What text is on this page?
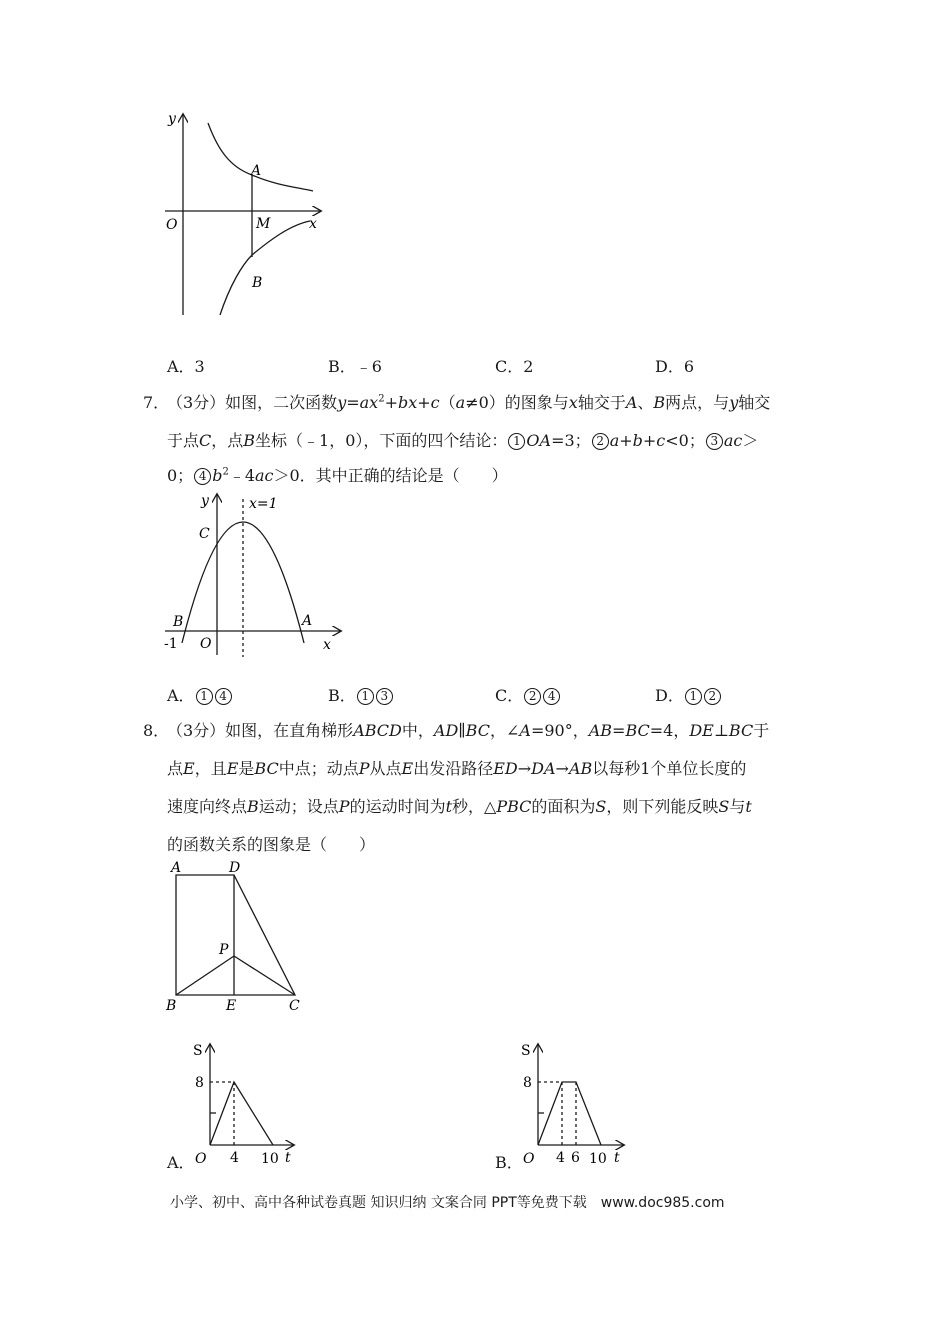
y
x
O
A
M
B
A．3	B．﹣6	C．2	D．6
7．
（3分）如图，二次函数$y=ax^2+bx+c(a\ne 0)$的图象与x轴交于A、B两点，与y轴交
于点C，点B坐标（﹣1，0），下面的四个结论： 1 OA=3； 2 a+b+c<0； 3 ac＞
0； 4 $b^2﹣4ac>0$．其中正确的结论是（　　）
y	x=1
C
B	A
-1 O	x
A． 1 4	B． 1 3	C． 2 4	D． 1 2
8．
（3分）如图，在直角梯形ABCD中，AD∥BC，∠A=90°，AB=BC=4，DE⊥BC于
点E，且E是BC中点；动点P从点E出发沿路径ED→DA→AB以每秒1个单位长度的
速度向终点B运动；设点P的运动时间为t秒，△PBC的面积为S，则下列能反映S与t
的函数关系的图象是（　　）
A	D
P
B	E	C
A．
S
8
O 4 10 t	B．
S
8
O 4 6 10 t
小学、初中、高中各种试卷真题 知识归纳 文案合同 PPT等免费下载　www.doc985.com
